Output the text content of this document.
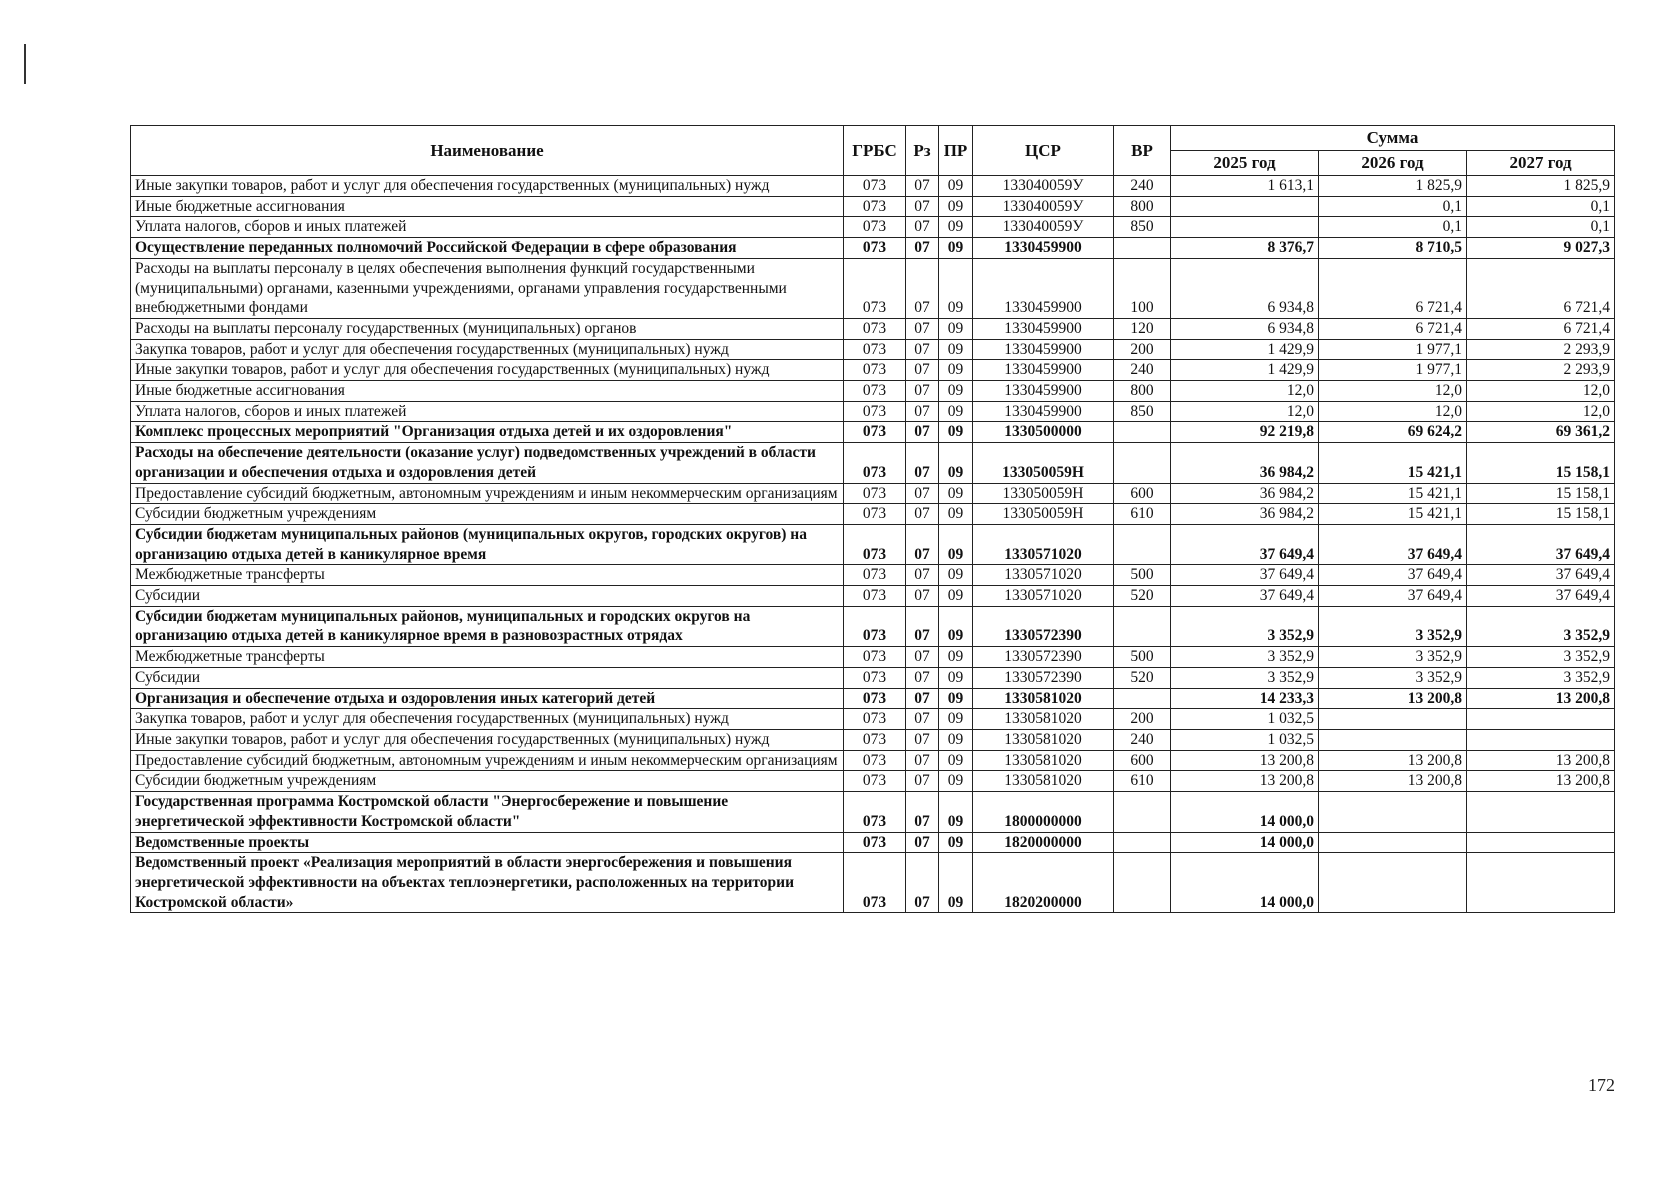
Наименование	ГРБС	Рз	ПР	ЦСР	ВР	Сумма		
						2025 год	2026 год	2027 год
Иные закупки товаров, работ и услуг для обеспечения государственных (муниципальных) нужд	073	07	09	133040059У	240	1 613,1	1 825,9	1 825,9
Иные бюджетные ассигнования	073	07	09	133040059У	800		0,1	0,1
Уплата налогов, сборов и иных платежей	073	07	09	133040059У	850		0,1	0,1
Осуществление переданных полномочий Российской Федерации в сфере образования	073	07	09	1330459900		8 376,7	8 710,5	9 027,3
Расходы на выплаты персоналу в целях обеспечения выполнения функций государственными (муниципальными) органами, казенными учреждениями, органами управления государственными внебюджетными фондами	073	07	09	1330459900	100	6 934,8	6 721,4	6 721,4
Расходы на выплаты персоналу государственных (муниципальных) органов	073	07	09	1330459900	120	6 934,8	6 721,4	6 721,4
Закупка товаров, работ и услуг для обеспечения государственных (муниципальных) нужд	073	07	09	1330459900	200	1 429,9	1 977,1	2 293,9
Иные закупки товаров, работ и услуг для обеспечения государственных (муниципальных) нужд	073	07	09	1330459900	240	1 429,9	1 977,1	2 293,9
Иные бюджетные ассигнования	073	07	09	1330459900	800	12,0	12,0	12,0
Уплата налогов, сборов и иных платежей	073	07	09	1330459900	850	12,0	12,0	12,0
Комплекс процессных мероприятий "Организация отдыха детей и их оздоровления"	073	07	09	1330500000		92 219,8	69 624,2	69 361,2
Расходы на обеспечение деятельности (оказание услуг) подведомственных учреждений в области организации и обеспечения отдыха и оздоровления детей	073	07	09	133050059Н		36 984,2	15 421,1	15 158,1
Предоставление субсидий бюджетным, автономным учреждениям и иным некоммерческим организациям	073	07	09	133050059Н	600	36 984,2	15 421,1	15 158,1
Субсидии бюджетным учреждениям	073	07	09	133050059Н	610	36 984,2	15 421,1	15 158,1
Субсидии бюджетам муниципальных районов (муниципальных округов, городских округов) на организацию отдыха детей в каникулярное время	073	07	09	1330571020		37 649,4	37 649,4	37 649,4
Межбюджетные трансферты	073	07	09	1330571020	500	37 649,4	37 649,4	37 649,4
Субсидии	073	07	09	1330571020	520	37 649,4	37 649,4	37 649,4
Субсидии бюджетам муниципальных районов, муниципальных и городских округов на организацию отдыха детей в каникулярное время в разновозрастных отрядах	073	07	09	1330572390		3 352,9	3 352,9	3 352,9
Межбюджетные трансферты	073	07	09	1330572390	500	3 352,9	3 352,9	3 352,9
Субсидии	073	07	09	1330572390	520	3 352,9	3 352,9	3 352,9
Организация и обеспечение отдыха и оздоровления иных категорий детей	073	07	09	1330581020		14 233,3	13 200,8	13 200,8
Закупка товаров, работ и услуг для обеспечения государственных (муниципальных) нужд	073	07	09	1330581020	200	1 032,5		
Иные закупки товаров, работ и услуг для обеспечения государственных (муниципальных) нужд	073	07	09	1330581020	240	1 032,5		
Предоставление субсидий бюджетным, автономным учреждениям и иным некоммерческим организациям	073	07	09	1330581020	600	13 200,8	13 200,8	13 200,8
Субсидии бюджетным учреждениям	073	07	09	1330581020	610	13 200,8	13 200,8	13 200,8
Государственная программа Костромской области "Энергосбережение и повышение энергетической эффективности Костромской области"	073	07	09	1800000000		14 000,0		
Ведомственные проекты	073	07	09	1820000000		14 000,0		
Ведомственный проект «Реализация мероприятий в области энергосбережения и повышения энергетической эффективности на объектах теплоэнергетики, расположенных на территории Костромской области»	073	07	09	1820200000		14 000,0		
172
